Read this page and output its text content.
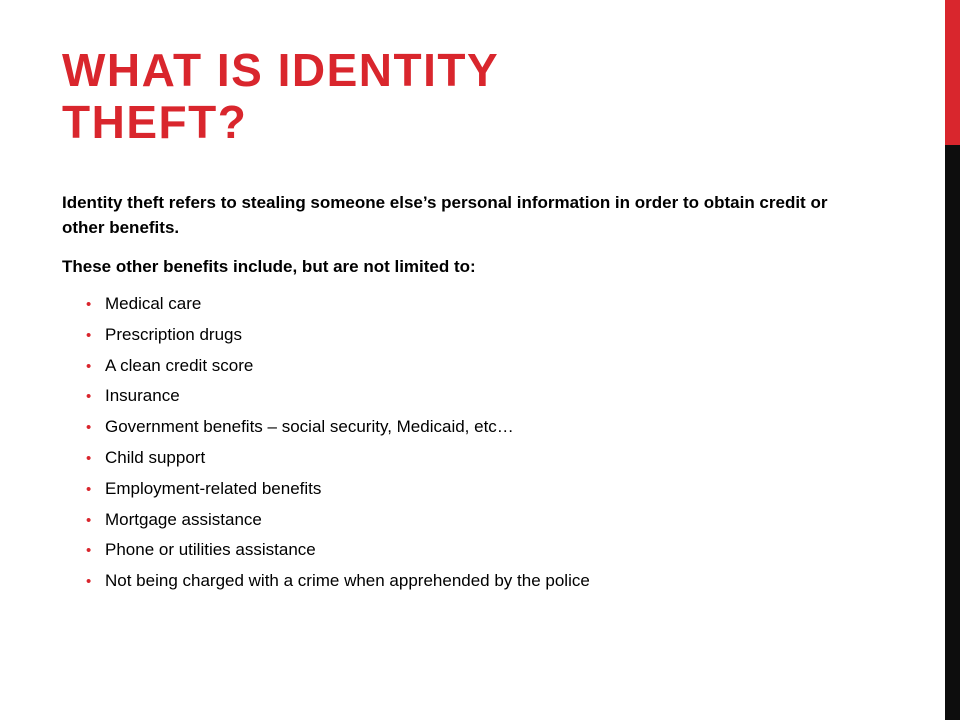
WHAT IS IDENTITY
THEFT?

Identity theft refers to stealing someone else’s personal information in order to obtain credit or other benefits.

These other benefits include, but are not limited to:

• Medical care
• Prescription drugs
• A clean credit score
• Insurance
• Government benefits – social security, Medicaid, etc…
• Child support
• Employment-related benefits
• Mortgage assistance
• Phone or utilities assistance
• Not being charged with a crime when apprehended by the police
